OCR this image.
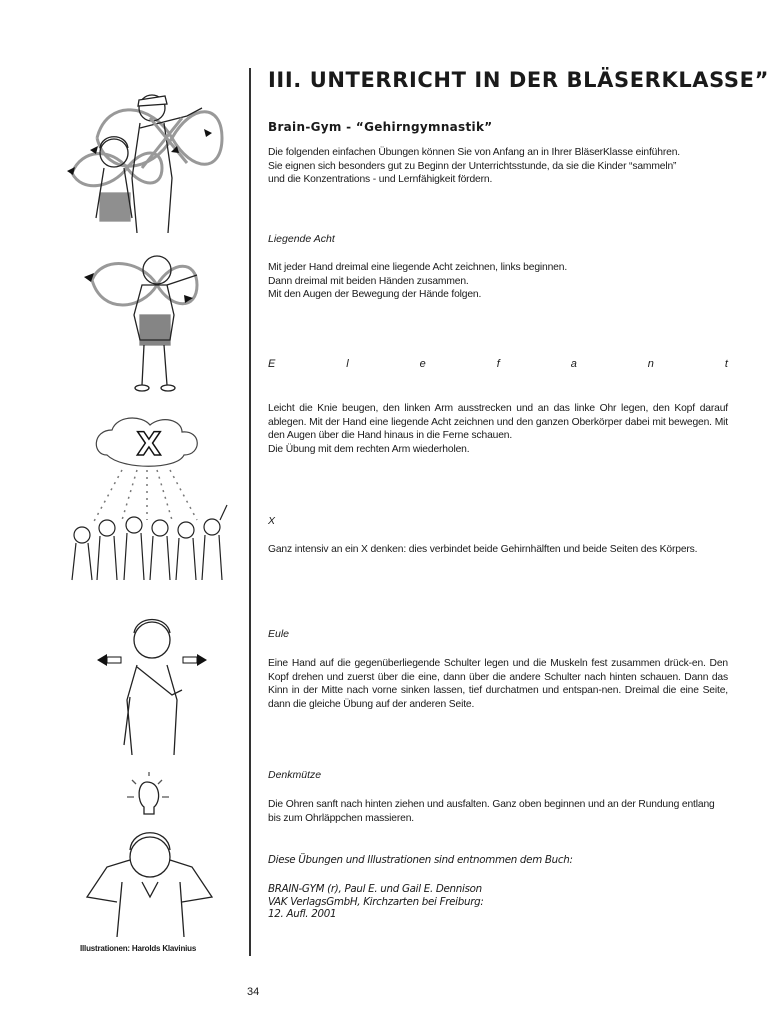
X
Illustrationen: Harolds Klavinius
34
III. UNTERRICHT IN DER BLÄSERKLASSE”
Brain-Gym - “Gehirngymnastik”
Die folgenden einfachen Übungen können Sie von Anfang an in Ihrer BläserKlasse einführen.
Sie eignen sich besonders gut zu Beginn der Unterrichtsstunde, da sie die Kinder “sammeln”
und die Konzentrations - und Lernfähigkeit fördern.
Liegende Acht
Mit jeder Hand dreimal eine liegende Acht zeichnen, links beginnen.
Dann dreimal mit beiden Händen zusammen.
Mit den Augen der Bewegung der Hände folgen.
E	l	e	f	a	n	t
Leicht die Knie beugen, den linken Arm ausstrecken und an das linke Ohr legen, den Kopf darauf ablegen. Mit der Hand eine liegende Acht zeichnen und den ganzen Oberkörper dabei mit bewegen. Mit den Augen über die Hand hinaus in die Ferne schauen.
Die Übung mit dem rechten Arm wiederholen.
X
Ganz intensiv an ein X denken: dies verbindet beide Gehirnhälften und beide Seiten des Körpers.
Eule
Eine Hand auf die gegenüberliegende Schulter legen und die Muskeln fest zusammen drück-en. Den Kopf drehen und zuerst über die eine, dann über die andere Schulter nach hinten schauen. Dann das Kinn in der Mitte nach vorne sinken lassen, tief durchatmen und entspan-nen. Dreimal die eine Seite, dann die gleiche Übung auf der anderen Seite.
Denkmütze
Die Ohren sanft nach hinten ziehen und ausfalten. Ganz oben beginnen und an der Rundung entlang bis zum Ohrläppchen massieren.
Diese Übungen und Illustrationen sind entnommen dem Buch:
BRAIN-GYM (r), Paul E. und Gail E. Dennison
VAK VerlagsGmbH, Kirchzarten bei Freiburg:
12. Aufl. 2001
